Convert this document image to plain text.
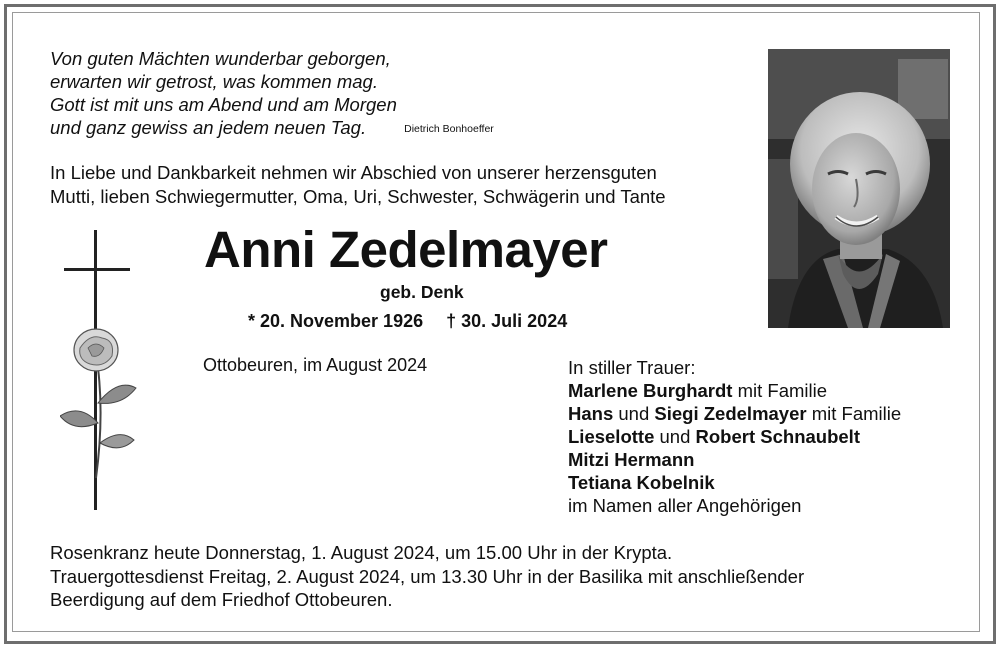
Von guten Mächten wunderbar geborgen,
erwarten wir getrost, was kommen mag.
Gott ist mit uns am Abend und am Morgen
und ganz gewiss an jedem neuen Tag.	Dietrich Bonhoeffer
In Liebe und Dankbarkeit nehmen wir Abschied von unserer herzensguten
Mutti, lieben Schwiegermutter, Oma, Uri, Schwester, Schwägerin und Tante
Anni Zedelmayer
geb. Denk
* 20. November 1926 † 30. Juli 2024
Ottobeuren, im August 2024	In stiller Trauer:
Marlene Burghardt mit Familie
Hans und Siegi Zedelmayer mit Familie
Lieselotte und Robert Schnaubelt
Mitzi Hermann
Tetiana Kobelnik
im Namen aller Angehörigen
Rosenkranz heute Donnerstag, 1. August 2024, um 15.00 Uhr in der Krypta.
Trauergottesdienst Freitag, 2. August 2024, um 13.30 Uhr in der Basilika mit anschließender
Beerdigung auf dem Friedhof Ottobeuren.
